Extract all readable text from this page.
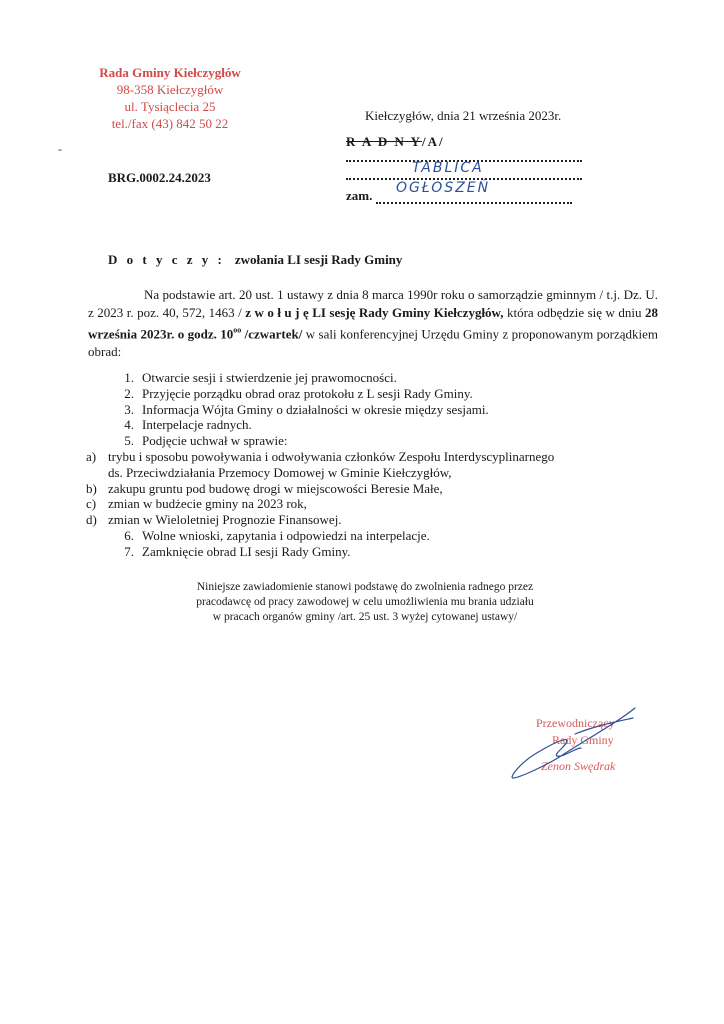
Rada Gminy Kiełczygłów
98-358 Kiełczygłów
ul. Tysiąclecia 25
tel./fax (43) 842 50 22
Kiełczygłów, dnia 21 września 2023r.
R A D N Y/A/
zam.
TABLICA
OGŁOSZEŃ
-
BRG.0002.24.2023
D o t y c z y : zwołania LI sesji Rady Gminy
Na podstawie art. 20 ust. 1 ustawy z dnia 8 marca 1990r roku o samorządzie gminnym / t.j. Dz. U. z 2023 r. poz. 40, 572, 1463 / z w o ł u j ę LI sesję Rady Gminy Kiełczygłów, która odbędzie się w dniu 28 września 2023r. o godz. $10^{oo}$ /czwartek/ w sali konferencyjnej Urzędu Gminy z proponowanym porządkiem obrad:
1. Otwarcie sesji i stwierdzenie jej prawomocności.
2. Przyjęcie porządku obrad oraz protokołu z L sesji Rady Gminy.
3. Informacja Wójta Gminy o działalności w okresie między sesjami.
4. Interpelacje radnych.
5. Podjęcie uchwał w sprawie:
a) trybu i sposobu powoływania i odwoływania członków Zespołu Interdyscyplinarnego
ds. Przeciwdziałania Przemocy Domowej w Gminie Kiełczygłów,
b) zakupu gruntu pod budowę drogi w miejscowości Beresie Małe,
c) zmian w budżecie gminy na 2023 rok,
d) zmian w Wieloletniej Prognozie Finansowej.
6. Wolne wnioski, zapytania i odpowiedzi na interpelacje.
7. Zamknięcie obrad LI sesji Rady Gminy.
Niniejsze zawiadomienie stanowi podstawę do zwolnienia radnego przez
pracodawcę od pracy zawodowej w celu umożliwienia mu brania udziału
w pracach organów gminy /art. 25 ust. 3 wyżej cytowanej ustawy/
Przewodniczący
Rady Gminy
Zenon Swędrak
